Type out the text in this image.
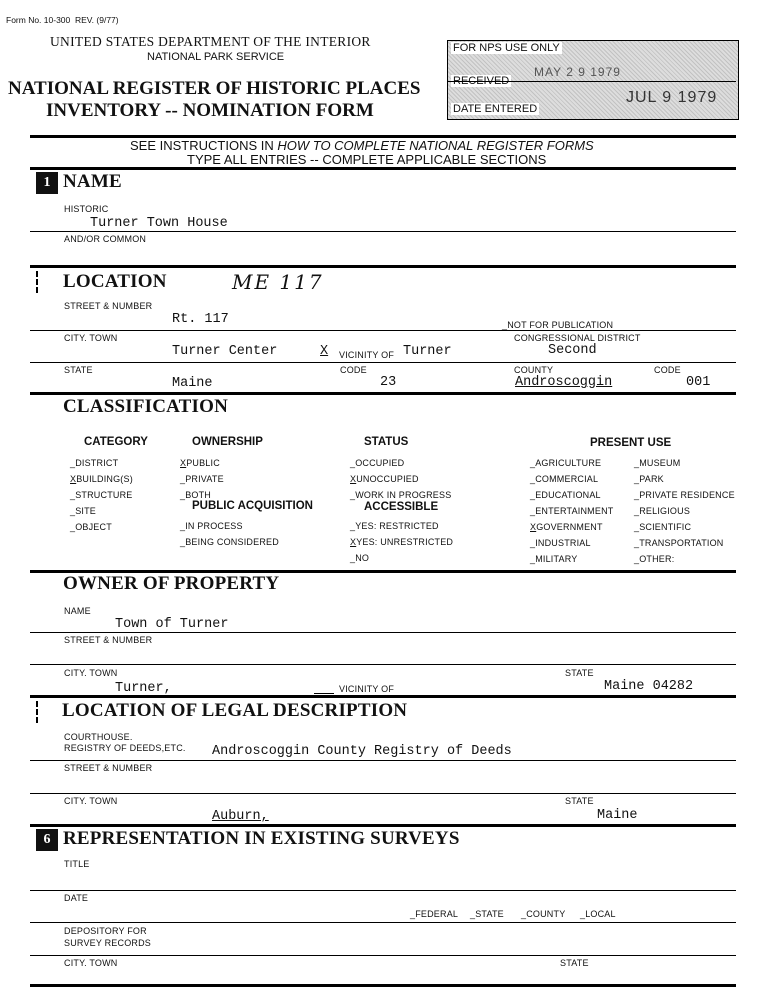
Form No. 10-300 REV. (9/77)
UNITED STATES DEPARTMENT OF THE INTERIOR
NATIONAL PARK SERVICE
NATIONAL REGISTER OF HISTORIC PLACES
INVENTORY -- NOMINATION FORM
FOR NPS USE ONLY
RECEIVED
MAY 2 9 1979
DATE ENTERED
JUL 9 1979
SEE INSTRUCTIONS IN HOW TO COMPLETE NATIONAL REGISTER FORMS
TYPE ALL ENTRIES -- COMPLETE APPLICABLE SECTIONS
1 NAME
HISTORIC
Turner Town House
AND/OR COMMON
LOCATION	ME 117
STREET & NUMBER
Rt. 117	_NOT FOR PUBLICATION
CITY. TOWN	CONGRESSIONAL DISTRICT
Turner Center	X VICINITY OF Turner	Second
STATE	CODE	COUNTY	CODE
Maine	23	Androscoggin	001
CLASSIFICATION
CATEGORY
_DISTRICT
XBUILDING(S)
_STRUCTURE
_SITE
_OBJECT
OWNERSHIP
XPUBLIC
_PRIVATE
_BOTH
PUBLIC ACQUISITION
_IN PROCESS
_BEING CONSIDERED
STATUS
_OCCUPIED
XUNOCCUPIED
_WORK IN PROGRESS
ACCESSIBLE
_YES: RESTRICTED
XYES: UNRESTRICTED
_NO
PRESENT USE
_AGRICULTURE
_COMMERCIAL
_EDUCATIONAL
_ENTERTAINMENT
XGOVERNMENT
_INDUSTRIAL
_MILITARY
_MUSEUM
_PARK
_PRIVATE RESIDENCE
_RELIGIOUS
_SCIENTIFIC
_TRANSPORTATION
_OTHER:
OWNER OF PROPERTY
NAME
Town of Turner
STREET & NUMBER
CITY. TOWN	STATE
Turner,	VICINITY OF	Maine 04282
LOCATION OF LEGAL DESCRIPTION
COURTHOUSE.
REGISTRY OF DEEDS,ETC. Androscoggin County Registry of Deeds
STREET & NUMBER
CITY. TOWN	STATE
Auburn,	Maine
6 REPRESENTATION IN EXISTING SURVEYS
TITLE
DATE
_FEDERAL _STATE _COUNTY _LOCAL
DEPOSITORY FOR
SURVEY RECORDS
CITY. TOWN	STATE
